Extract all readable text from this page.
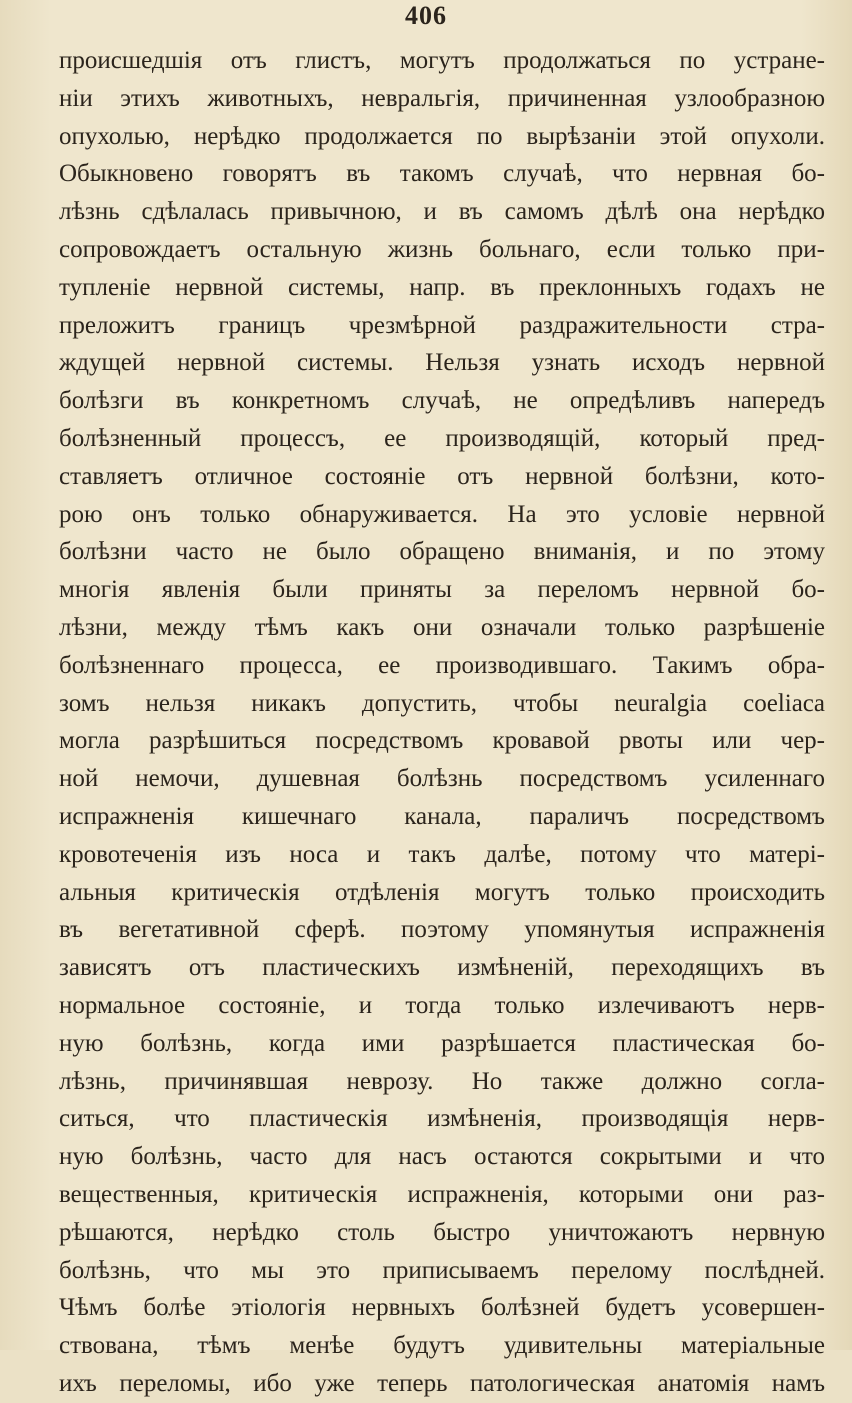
406
происшедшія отъ глистъ, могутъ продолжаться по устране-
ніи этихъ животныхъ, невральгія, причиненная узлообразною
опухолью, нерѣдко продолжается по вырѣзаніи этой опухоли.
Обыкновено говорятъ въ такомъ случаѣ, что нервная бо-
лѣзнь сдѣлалась привычною, и въ самомъ дѣлѣ она нерѣдко
сопровождаетъ остальную жизнь больнаго, если только при-
тупленіе нервной системы, напр. въ преклонныхъ годахъ не
преложитъ границъ чрезмѣрной раздражительности стра-
ждущей нервной системы. Нельзя узнать исходъ нервной
болѣзги въ конкретномъ случаѣ, не опредѣливъ напередъ
болѣзненный процессъ, ее производящій, который пред-
ставляетъ отличное состояніе отъ нервной болѣзни, кото-
рою онъ только обнаруживается. На это условіе нервной
болѣзни часто не было обращено вниманія, и по этому
многія явленія были приняты за переломъ нервной бо-
лѣзни, между тѣмъ какъ они означали только разрѣшеніе
болѣзненнаго процесса, ее производившаго. Такимъ обра-
зомъ нельзя никакъ допустить, чтобы neuralgia coeliaca
могла разрѣшиться посредствомъ кровавой рвоты или чер-
ной немочи, душевная болѣзнь посредствомъ усиленнаго
испражненія кишечнаго канала, параличъ посредствомъ
кровотеченія изъ носа и такъ далѣе, потому что матері-
альныя критическія отдѣленія могутъ только происходить
въ вегетативной сферѣ. поэтому упомянутыя испражненія
зависятъ отъ пластическихъ измѣненій, переходящихъ въ
нормальное состояніе, и тогда только излечиваютъ нерв-
ную болѣзнь, когда ими разрѣшается пластическая бо-
лѣзнь, причинявшая неврозу. Но также должно согла-
ситься, что пластическія измѣненія, производящія нерв-
ную болѣзнь, часто для насъ остаются сокрытыми и что
вещественныя, критическія испражненія, которыми они раз-
рѣшаются, нерѣдко столь быстро уничтожаютъ нервную
болѣзнь, что мы это приписываемъ перелому послѣдней.
Чѣмъ болѣе этіологія нервныхъ болѣзней будетъ усовершен-
ствована, тѣмъ менѣе будутъ удивительны матеріальные
ихъ переломы, ибо уже теперь патологическая анатомія намъ
